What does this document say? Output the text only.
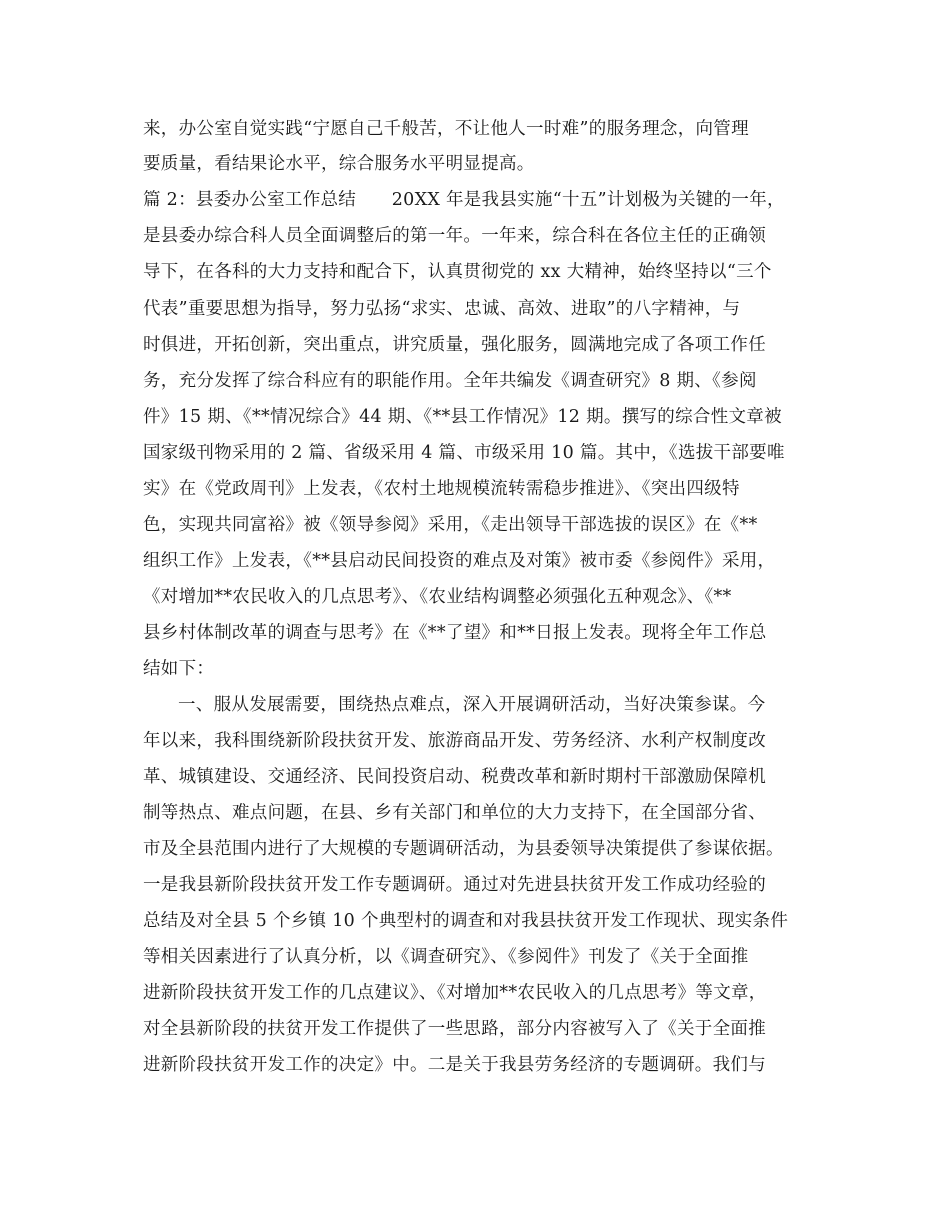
来，办公室自觉实践“宁愿自己千般苦，不让他人一时难”的服务理念，向管理
要质量，看结果论水平，综合服务水平明显提高。
篇 2：县委办公室工作总结　　20XX 年是我县实施“十五”计划极为关键的一年，
是县委办综合科人员全面调整后的第一年。一年来，综合科在各位主任的正确领
导下，在各科的大力支持和配合下，认真贯彻党的 xx 大精神，始终坚持以“三个
代表”重要思想为指导，努力弘扬“求实、忠诚、高效、进取”的八字精神，与
时俱进，开拓创新，突出重点，讲究质量，强化服务，圆满地完成了各项工作任
务，充分发挥了综合科应有的职能作用。全年共编发《调查研究》8 期、《参阅
件》15 期、《**情况综合》44 期、《**县工作情况》12 期。撰写的综合性文章被
国家级刊物采用的 2 篇、省级采用 4 篇、市级采用 10 篇。其中，《选拔干部要唯
实》在《党政周刊》上发表，《农村土地规模流转需稳步推进》、《突出四级特
色，实现共同富裕》被《领导参阅》采用，《走出领导干部选拔的误区》在《**
组织工作》上发表，《**县启动民间投资的难点及对策》被市委《参阅件》采用，
《对增加**农民收入的几点思考》、《农业结构调整必须强化五种观念》、《**
县乡村体制改革的调查与思考》在《**了望》和**日报上发表。现将全年工作总
结如下：
一、服从发展需要，围绕热点难点，深入开展调研活动，当好决策参谋。今
年以来，我科围绕新阶段扶贫开发、旅游商品开发、劳务经济、水利产权制度改
革、城镇建设、交通经济、民间投资启动、税费改革和新时期村干部激励保障机
制等热点、难点问题，在县、乡有关部门和单位的大力支持下，在全国部分省、
市及全县范围内进行了大规模的专题调研活动，为县委领导决策提供了参谋依据。
一是我县新阶段扶贫开发工作专题调研。通过对先进县扶贫开发工作成功经验的
总结及对全县 5 个乡镇 10 个典型村的调查和对我县扶贫开发工作现状、现实条件
等相关因素进行了认真分析，以《调查研究》、《参阅件》刊发了《关于全面推
进新阶段扶贫开发工作的几点建议》、《对增加**农民收入的几点思考》等文章，
对全县新阶段的扶贫开发工作提供了一些思路，部分内容被写入了《关于全面推
进新阶段扶贫开发工作的决定》中。二是关于我县劳务经济的专题调研。我们与
